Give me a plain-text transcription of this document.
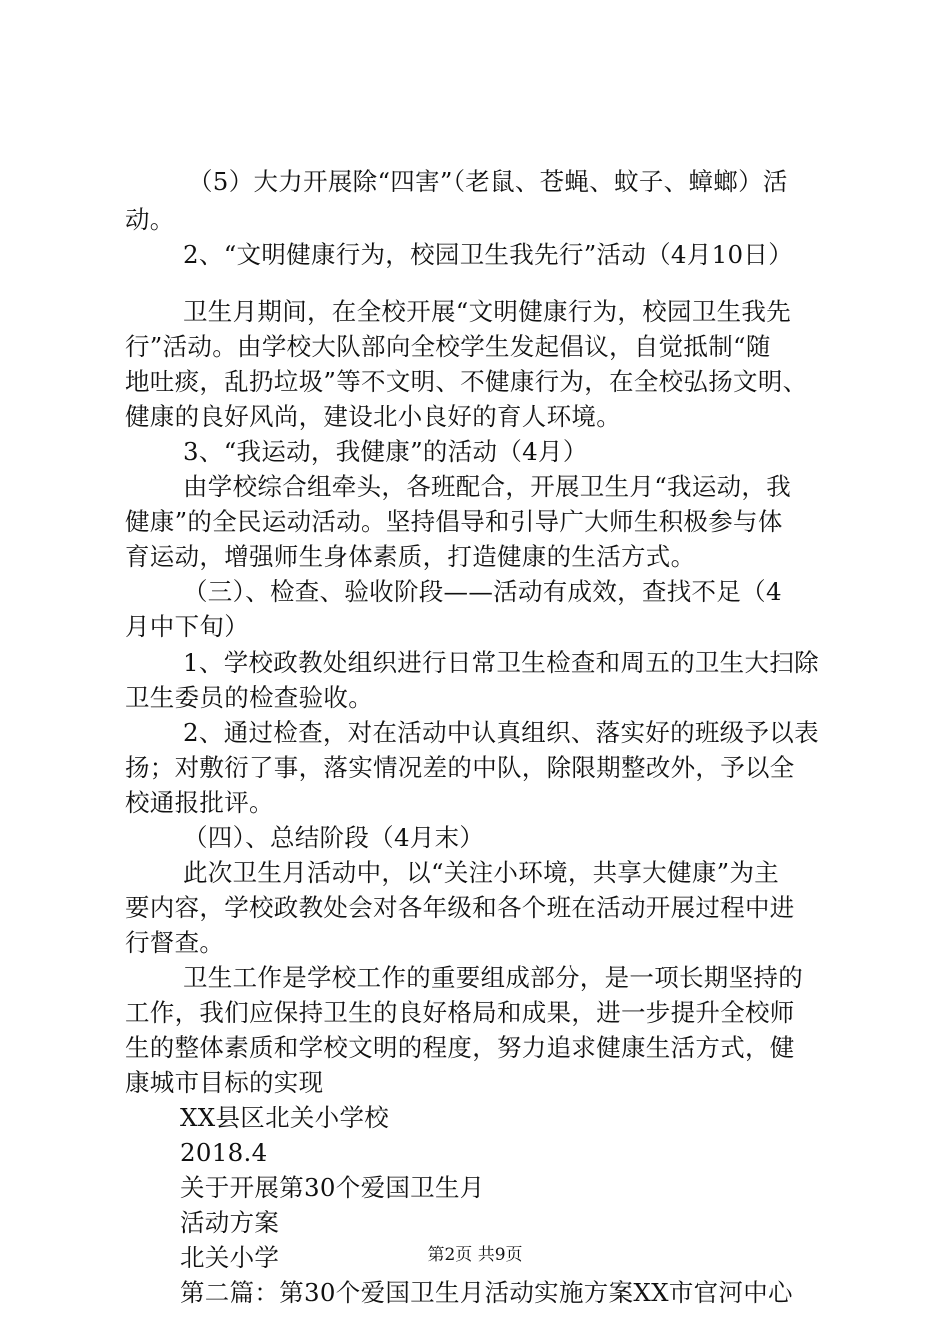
（5）大力开展除“四害”（老鼠、苍蝇、蚊子、蟑螂）活
动。
2、“文明健康行为，校园卫生我先行”活动（4月10日）
卫生月期间，在全校开展“文明健康行为，校园卫生我先
行”活动。由学校大队部向全校学生发起倡议，自觉抵制“随
地吐痰，乱扔垃圾”等不文明、不健康行为，在全校弘扬文明、
健康的良好风尚，建设北小良好的育人环境。
3、“我运动，我健康”的活动（4月）
由学校综合组牵头，各班配合，开展卫生月“我运动，我
健康”的全民运动活动。坚持倡导和引导广大师生积极参与体
育运动，增强师生身体素质，打造健康的生活方式。
（三）、检查、验收阶段——活动有成效，查找不足（4
月中下旬）
1、学校政教处组织进行日常卫生检查和周五的卫生大扫除
卫生委员的检查验收。
2、通过检查，对在活动中认真组织、落实好的班级予以表
扬；对敷衍了事，落实情况差的中队，除限期整改外，予以全
校通报批评。
（四）、总结阶段（4月末）
此次卫生月活动中，以“关注小环境，共享大健康”为主
要内容，学校政教处会对各年级和各个班在活动开展过程中进
行督查。
卫生工作是学校工作的重要组成部分，是一项长期坚持的
工作，我们应保持卫生的良好格局和成果，进一步提升全校师
生的整体素质和学校文明的程度，努力追求健康生活方式，健
康城市目标的实现
XX县区北关小学校
2018.4
关于开展第30个爱国卫生月
活动方案
北关小学
第二篇：第30个爱国卫生月活动实施方案XX市官河中心
第2页 共9页
